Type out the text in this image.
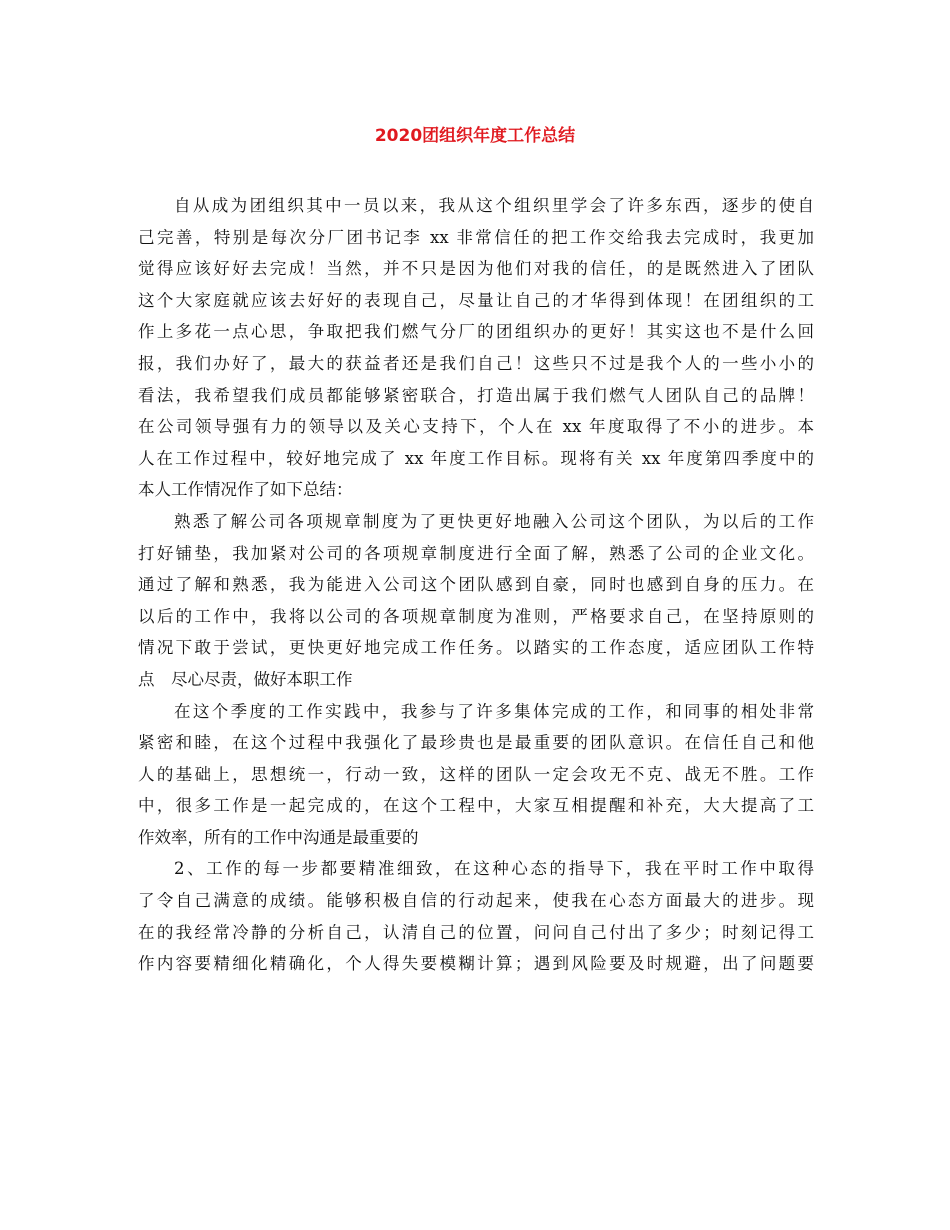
2020团组织年度工作总结
自从成为团组织其中一员以来，我从这个组织里学会了许多东西，逐步的使自
己完善，特别是每次分厂团书记李 xx 非常信任的把工作交给我去完成时，我更加
觉得应该好好去完成！当然，并不只是因为他们对我的信任，的是既然进入了团队
这个大家庭就应该去好好的表现自己，尽量让自己的才华得到体现！在团组织的工
作上多花一点心思，争取把我们燃气分厂的团组织办的更好！其实这也不是什么回
报，我们办好了，最大的获益者还是我们自己！这些只不过是我个人的一些小小的
看法，我希望我们成员都能够紧密联合，打造出属于我们燃气人团队自己的品牌！
在公司领导强有力的领导以及关心支持下，个人在 xx 年度取得了不小的进步。本
人在工作过程中，较好地完成了 xx 年度工作目标。现将有关 xx 年度第四季度中的
本人工作情况作了如下总结：
熟悉了解公司各项规章制度为了更快更好地融入公司这个团队，为以后的工作
打好铺垫，我加紧对公司的各项规章制度进行全面了解，熟悉了公司的企业文化。
通过了解和熟悉，我为能进入公司这个团队感到自豪，同时也感到自身的压力。在
以后的工作中，我将以公司的各项规章制度为准则，严格要求自己，在坚持原则的
情况下敢于尝试，更快更好地完成工作任务。以踏实的工作态度，适应团队工作特
点　尽心尽责，做好本职工作
在这个季度的工作实践中，我参与了许多集体完成的工作，和同事的相处非常
紧密和睦，在这个过程中我强化了最珍贵也是最重要的团队意识。在信任自己和他
人的基础上，思想统一，行动一致，这样的团队一定会攻无不克、战无不胜。工作
中，很多工作是一起完成的，在这个工程中，大家互相提醒和补充，大大提高了工
作效率，所有的工作中沟通是最重要的
2、工作的每一步都要精准细致，在这种心态的指导下，我在平时工作中取得
了令自己满意的成绩。能够积极自信的行动起来，使我在心态方面最大的进步。现
在的我经常冷静的分析自己，认清自己的位置，问问自己付出了多少；时刻记得工
作内容要精细化精确化，个人得失要模糊计算；遇到风险要及时规避，出了问题要
